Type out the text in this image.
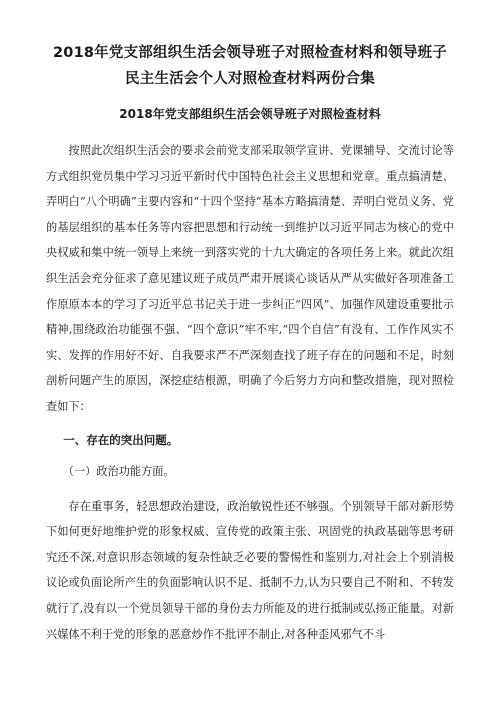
2018年党支部组织生活会领导班子对照检查材料和领导班子民主生活会个人对照检查材料两份合集
2018年党支部组织生活会领导班子对照检查材料

按照此次组织生活会的要求会前党支部采取领学宣讲、党课辅导、交流讨论等方式组织党员集中学习习近平新时代中国特色社会主义思想和党章。重点搞清楚、弄明白”八个明确”主要内容和“十四个坚持”基本方略搞清楚、弄明白党员义务、党的基层组织的基本任务等内容把思想和行动统一到维护以习近平同志为核心的党中央权威和集中统一领导上来统一到落实党的十九大确定的各项任务上来。就此次组织生活会充分征求了意见建议班子成员严肃开展谈心谈话从严从实做好各项准备工作原原本本的学习了习近平总书记关于进一步纠正“四风”、加强作风建设重要批示精神,围绕政治功能强不强、“四个意识”牢不牢,“四个自信”有没有、工作作风实不实、发挥的作用好不好、自我要求严不严深刻查找了班子存在的问题和不足，时刻剖析问题产生的原因，深挖症结根源，明确了今后努力方向和整改措施，现对照检查如下：

一、存在的突出问题。
（一）政治功能方面。

存在重事务，轻思想政治建设，政治敏锐性还不够强。个别领导干部对新形势下如何更好地维护党的形象权威、宣传党的政策主张、巩固党的执政基础等思考研究还不深,对意识形态领域的复杂性缺乏必要的警惕性和鉴别力,对社会上个别消极议论或负面论所产生的负面影响认识不足、抵制不力,认为只要自己不附和、不转发就行了,没有以一个党员领导干部的身份去力所能及的进行抵制或弘扬正能量。对新兴媒体不利于党的形象的恶意炒作不批评不制止,对各种歪风邪气不斗
